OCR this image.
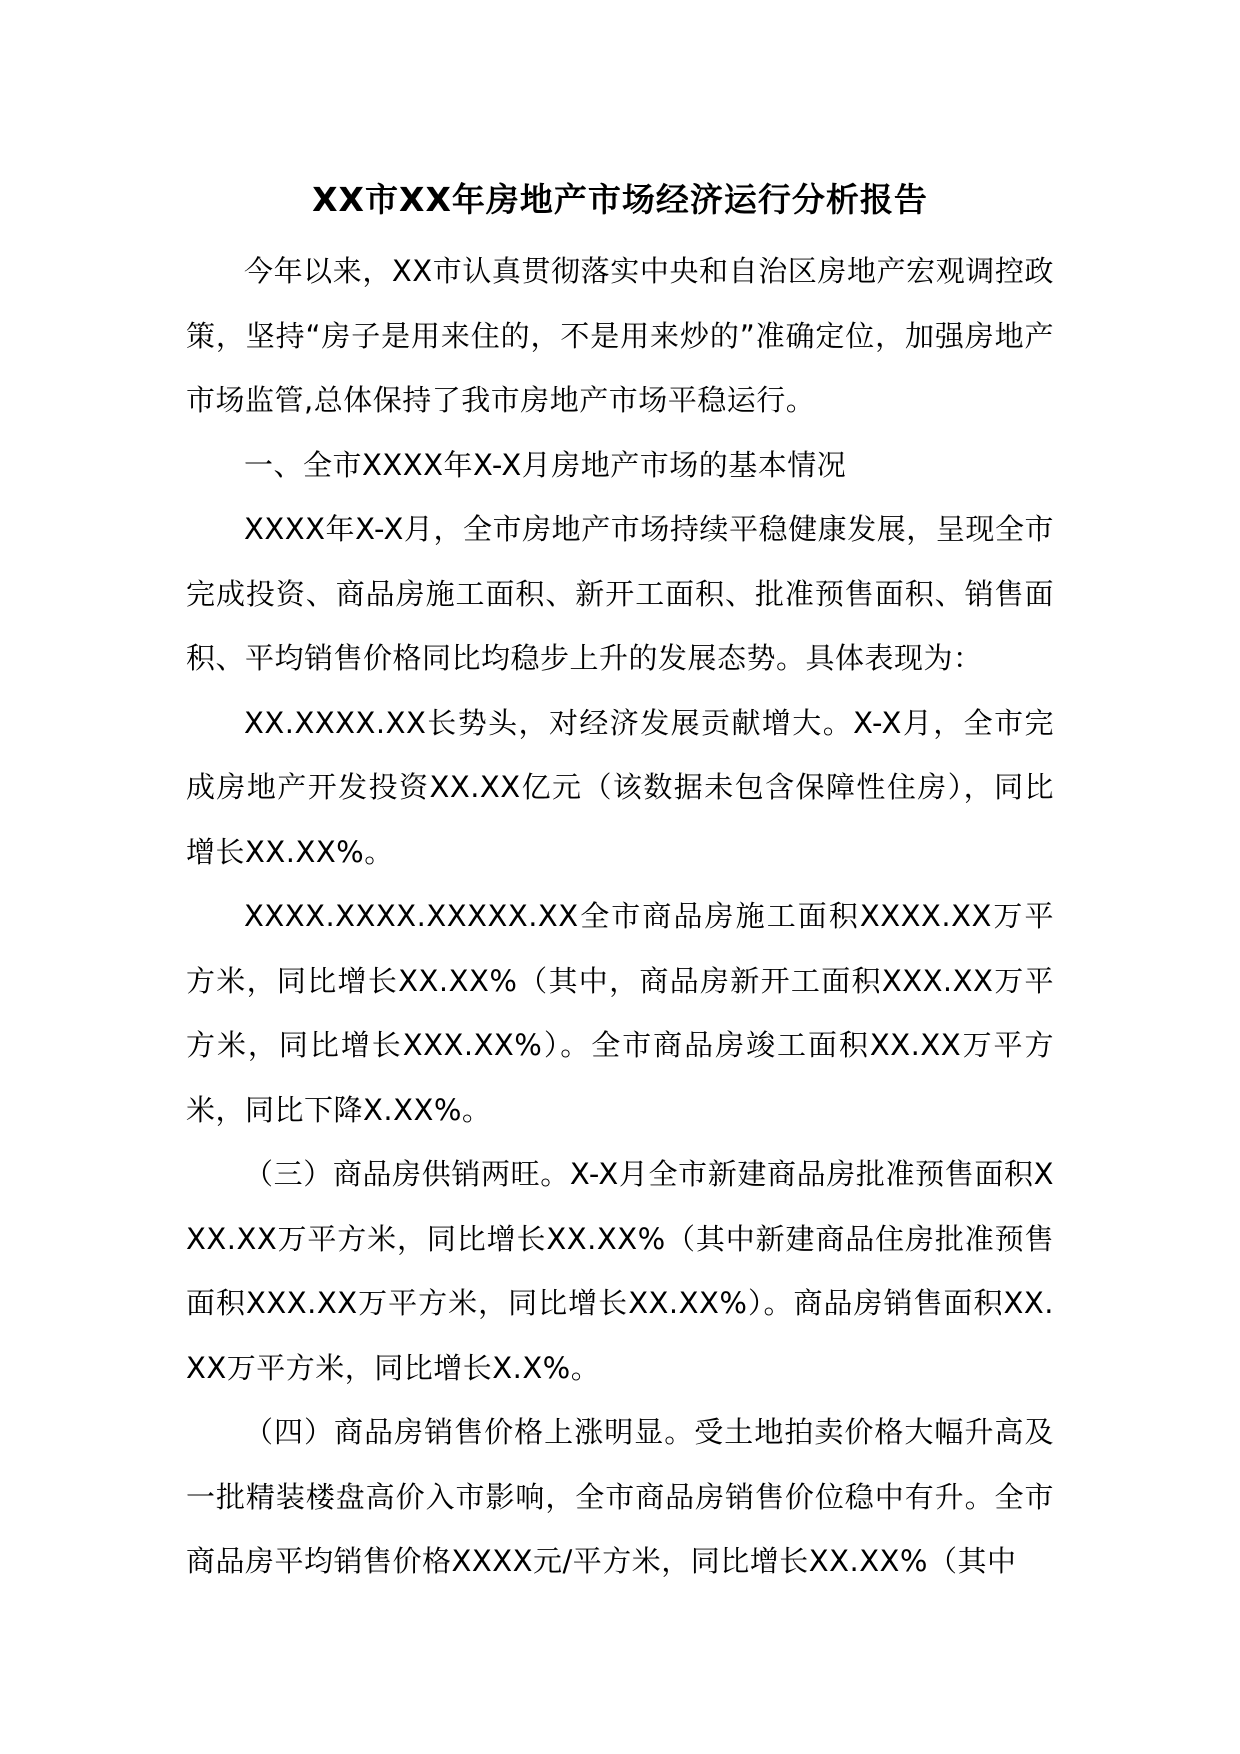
XX市XX年房地产市场经济运行分析报告

今年以来，XX市认真贯彻落实中央和自治区房地产宏观调控政策，坚持“房子是用来住的，不是用来炒的”准确定位，加强房地产市场监管,总体保持了我市房地产市场平稳运行。

一、全市XXXX年X-X月房地产市场的基本情况

XXXX年X-X月，全市房地产市场持续平稳健康发展，呈现全市完成投资、商品房施工面积、新开工面积、批准预售面积、销售面积、平均销售价格同比均稳步上升的发展态势。具体表现为：

XX.XXXX.XX长势头，对经济发展贡献增大。X-X月，全市完成房地产开发投资XX.XX亿元（该数据未包含保障性住房），同比增长XX.XX%。

XXXX.XXXX.XXXXX.XX全市商品房施工面积XXXX.XX万平方米，同比增长XX.XX%（其中，商品房新开工面积XXX.XX万平方米，同比增长XXX.XX%）。全市商品房竣工面积XX.XX万平方米，同比下降X.XX%。

（三）商品房供销两旺。X-X月全市新建商品房批准预售面积XXX.XX万平方米，同比增长XX.XX%（其中新建商品住房批准预售面积XXX.XX万平方米，同比增长XX.XX%）。商品房销售面积XX.XX万平方米，同比增长X.X%。

（四）商品房销售价格上涨明显。受土地拍卖价格大幅升高及一批精装楼盘高价入市影响，全市商品房销售价位稳中有升。全市商品房平均销售价格XXXX元/平方米，同比增长XX.XX%（其中
